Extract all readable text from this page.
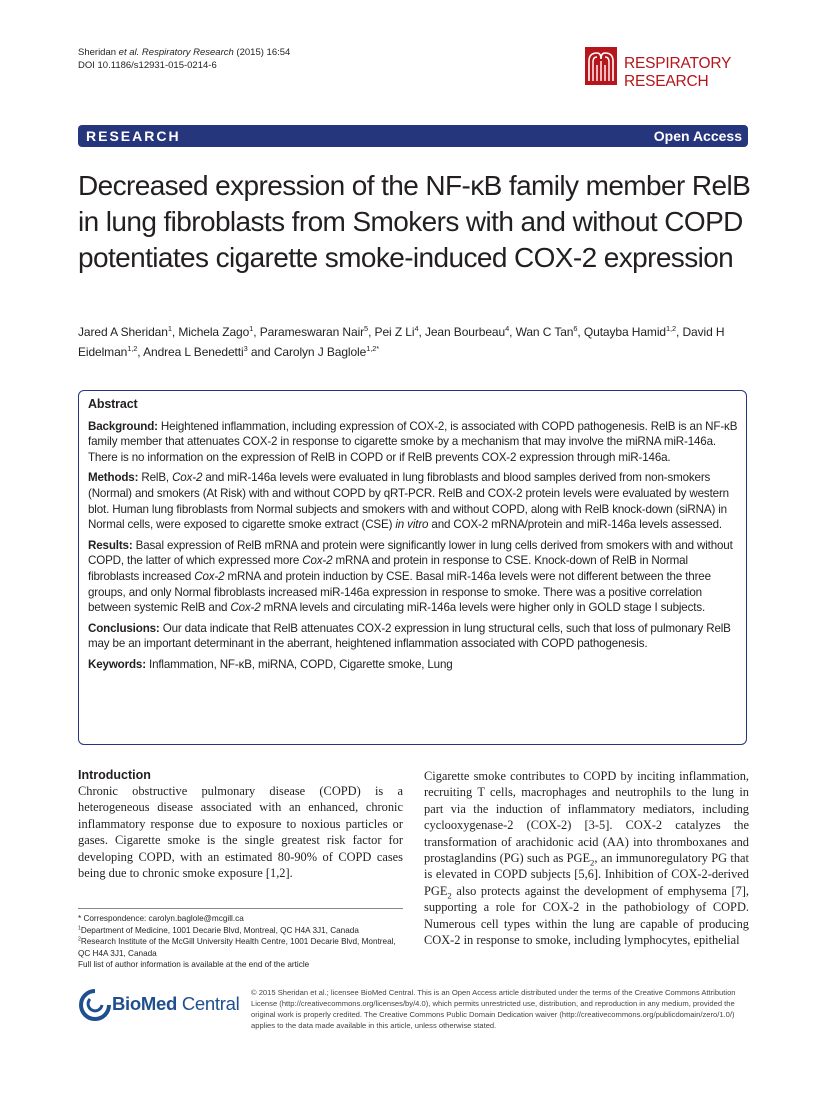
Sheridan et al. Respiratory Research (2015) 16:54
DOI 10.1186/s12931-015-0214-6	RESPIRATORY
RESEARCH
RESEARCH	Open Access
Decreased expression of the NF-κB family member RelB in lung fibroblasts from Smokers with and without COPD potentiates cigarette smoke-induced COX-2 expression
Jared A Sheridan$^1$, Michela Zago$^1$, Parameswaran Nair$^5$, Pei Z Li$^4$, Jean Bourbeau$^4$, Wan C Tan$^6$, Qutayba Hamid$^{1,2}$, David H Eidelman$^{1,2}$, Andrea L Benedetti$^3$ and Carolyn J Baglole$^{1,2*}$
Abstract

Background: Heightened inflammation, including expression of COX-2, is associated with COPD pathogenesis. RelB is an NF-κB family member that attenuates COX-2 in response to cigarette smoke by a mechanism that may involve the miRNA miR-146a. There is no information on the expression of RelB in COPD or if RelB prevents COX-2 expression through miR-146a.

Methods: RelB, Cox-2 and miR-146a levels were evaluated in lung fibroblasts and blood samples derived from non-smokers (Normal) and smokers (At Risk) with and without COPD by qRT-PCR. RelB and COX-2 protein levels were evaluated by western blot. Human lung fibroblasts from Normal subjects and smokers with and without COPD, along with RelB knock-down (siRNA) in Normal cells, were exposed to cigarette smoke extract (CSE) in vitro and COX-2 mRNA/protein and miR-146a levels assessed.

Results: Basal expression of RelB mRNA and protein were significantly lower in lung cells derived from smokers with and without COPD, the latter of which expressed more Cox-2 mRNA and protein in response to CSE. Knock-down of RelB in Normal fibroblasts increased Cox-2 mRNA and protein induction by CSE. Basal miR-146a levels were not different between the three groups, and only Normal fibroblasts increased miR-146a expression in response to smoke. There was a positive correlation between systemic RelB and Cox-2 mRNA levels and circulating miR-146a levels were higher only in GOLD stage I subjects.

Conclusions: Our data indicate that RelB attenuates COX-2 expression in lung structural cells, such that loss of pulmonary RelB may be an important determinant in the aberrant, heightened inflammation associated with COPD pathogenesis.

Keywords: Inflammation, NF-κB, miRNA, COPD, Cigarette smoke, Lung

Introduction

Chronic obstructive pulmonary disease (COPD) is a heterogeneous disease associated with an enhanced, chronic inflammatory response due to exposure to noxious particles or gases. Cigarette smoke is the single greatest risk factor for developing COPD, with an estimated 80-90% of COPD cases being due to chronic smoke exposure [1,2].

Cigarette smoke contributes to COPD by inciting inflammation, recruiting T cells, macrophages and neutrophils to the lung in part via the induction of inflammatory mediators, including cyclooxygenase-2 (COX-2) [3-5]. COX-2 catalyzes the transformation of arachidonic acid (AA) into thromboxanes and prostaglandins (PG) such as $PGE_2$, an immunoregulatory PG that is elevated in COPD subjects [5,6]. Inhibition of COX-2-derived $PGE_2$ also protects against the development of emphysema [7], supporting a role for COX-2 in the pathobiology of COPD. Numerous cell types within the lung are capable of producing COX-2 in response to smoke, including lymphocytes, epithelial

* Correspondence: carolyn.baglole@mcgill.ca

$^1$Department of Medicine, 1001 Decarie Blvd, Montreal, QC H4A 3J1, Canada

$^2$Research Institute of the McGill University Health Centre, 1001 Decarie Blvd, Montreal, QC H4A 3J1, Canada

Full list of author information is available at the end of the article

BioMed Central
© 2015 Sheridan et al.; licensee BioMed Central. This is an Open Access article distributed under the terms of the Creative Commons Attribution License (http://creativecommons.org/licenses/by/4.0), which permits unrestricted use, distribution, and reproduction in any medium, provided the original work is properly credited. The Creative Commons Public Domain Dedication waiver (http://creativecommons.org/publicdomain/zero/1.0/) applies to the data made available in this article, unless otherwise stated.
